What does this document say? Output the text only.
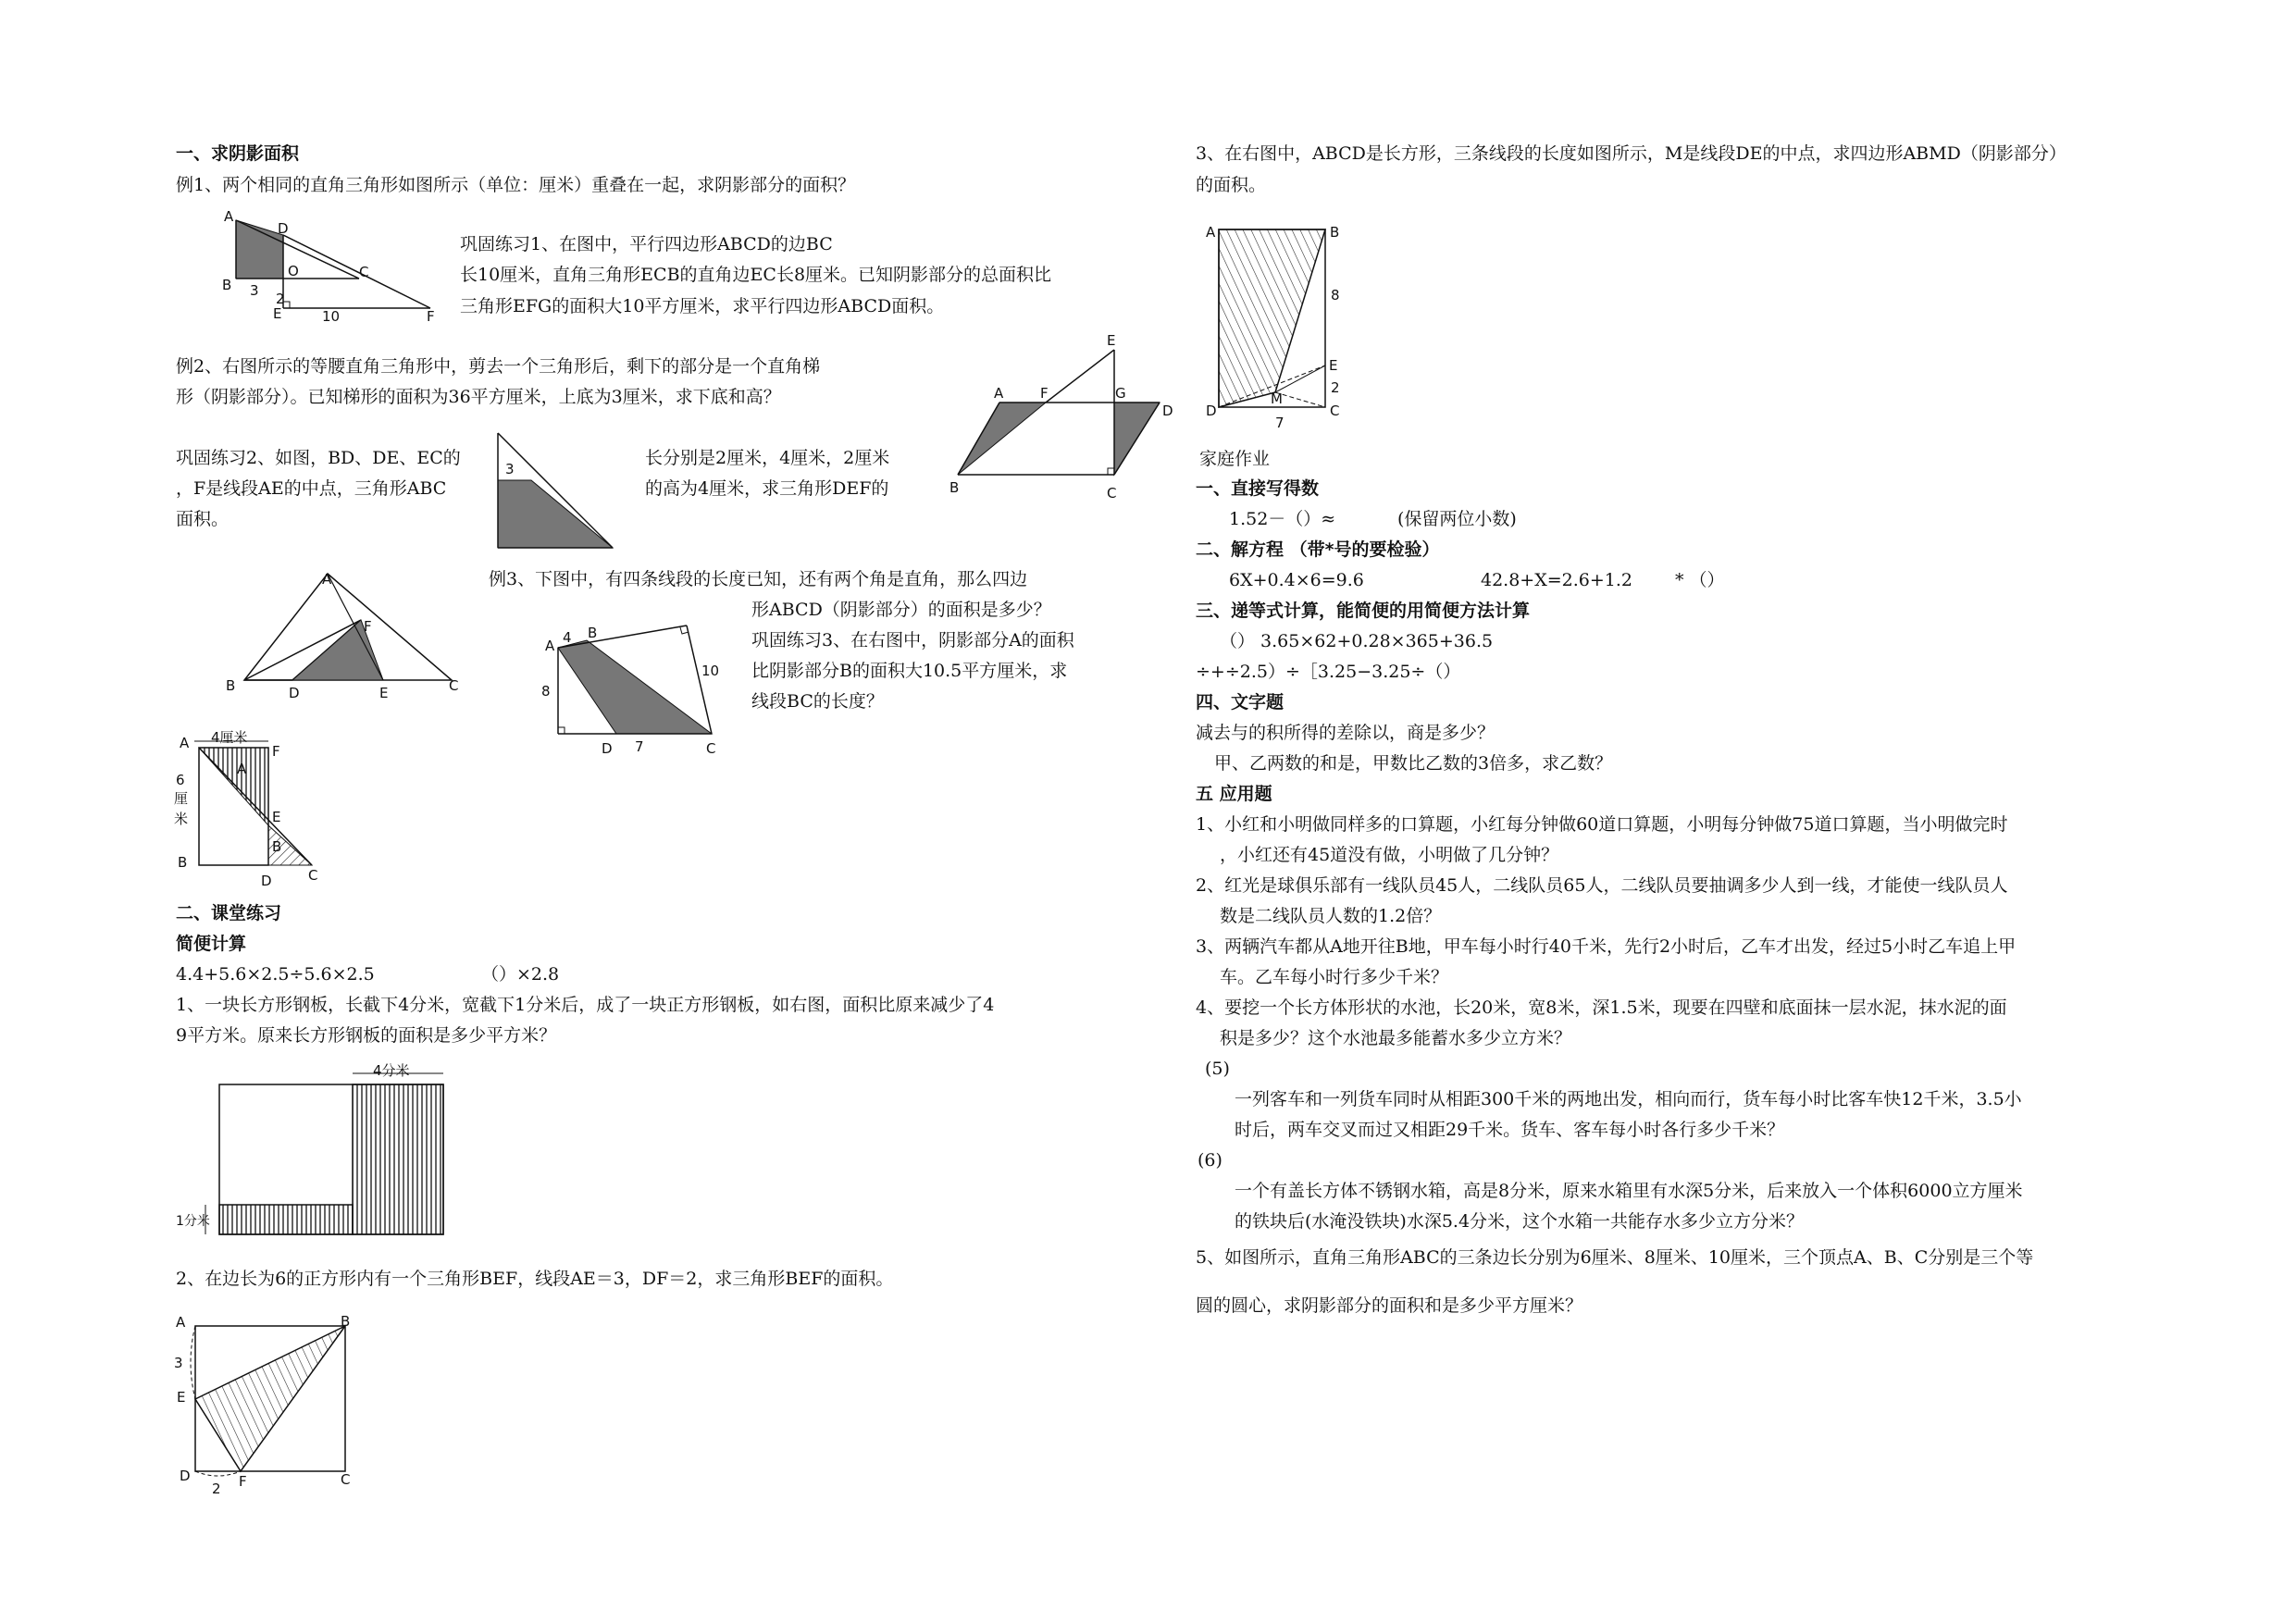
一、求阴影面积
例1、两个相同的直角三角形如图所示（单位：厘米）重叠在一起，求阴影部分的面积？
巩固练习1、在图中，平行四边形ABCD的边BC
长10厘米，直角三角形ECB的直角边EC长8厘米。已知阴影部分的总面积比
三角形EFG的面积大10平方厘米，求平行四边形ABCD面积。
例2、右图所示的等腰直角三角形中，剪去一个三角形后，剩下的部分是一个直角梯
形（阴影部分）。已知梯形的面积为36平方厘米，上底为3厘米，求下底和高？
巩固练习2、如图，BD、DE、EC的	长分别是2厘米，4厘米，2厘米
，F是线段AE的中点，三角形ABC	的高为4厘米，求三角形DEF的
面积。
例3、下图中，有四条线段的长度已知，还有两个角是直角，那么四边
形ABCD（阴影部分）的面积是多少？
巩固练习3、在右图中，阴影部分A的面积
比阴影部分B的面积大10.5平方厘米，求
线段BC的长度？
二、课堂练习
简便计算
4.4+5.6×2.5÷5.6×2.5	（）×2.8
1、一块长方形钢板，长截下4分米，宽截下1分米后，成了一块正方形钢板，如右图，面积比原来减少了4
9平方米。原来长方形钢板的面积是多少平方米？
2、在边长为6的正方形内有一个三角形BEF，线段AE＝3，DF＝2，求三角形BEF的面积。
3、在右图中，ABCD是长方形，三条线段的长度如图所示，M是线段DE的中点，求四边形ABMD（阴影部分）
的面积。
家庭作业
一、直接写得数
1.52－（）≈	(保留两位小数)
二、解方程 （带*号的要检验）
6X+0.4×6=9.6	42.8+X=2.6+1.2 * （）
三、递等式计算，能简便的用简便方法计算
（） 3.65×62+0.28×365+36.5
÷+÷2.5）÷［3.25−3.25÷（）
四、文字题
减去与的积所得的差除以，商是多少？
甲、乙两数的和是，甲数比乙数的3倍多，求乙数？
五 应用题
1、小红和小明做同样多的口算题，小红每分钟做60道口算题，小明每分钟做75道口算题，当小明做完时
，小红还有45道没有做，小明做了几分钟？
2、红光是球俱乐部有一线队员45人，二线队员65人，二线队员要抽调多少人到一线，才能使一线队员人
数是二线队员人数的1.2倍？
3、两辆汽车都从A地开往B地，甲车每小时行40千米，先行2小时后，乙车才出发，经过5小时乙车追上甲
车。乙车每小时行多少千米？
4、要挖一个长方体形状的水池，长20米，宽8米，深1.5米，现要在四壁和底面抹一层水泥，抹水泥的面
积是多少？这个水池最多能蓄水多少立方米？
(5)
一列客车和一列货车同时从相距300千米的两地出发，相向而行，货车每小时比客车快12千米，3.5小
时后，两车交叉而过又相距29千米。货车、客车每小时各行多少千米？
(6)
一个有盖长方体不锈钢水箱，高是8分米，原来水箱里有水深5分米，后来放入一个体积6000立方厘米
的铁块后(水淹没铁块)水深5.4分米，这个水箱一共能存水多少立方分米？
5、如图所示，直角三角形ABC的三条边长分别为6厘米、8厘米、10厘米，三个顶点A、B、C分别是三个等
圆的圆心，求阴影部分的面积和是多少平方厘米？
A
D
B 3
O	C
2
E	10	F
E
A	F	G
D
B	C
3
A
F
B	D	E	C
A 4 B
10
8
D 7	C
A 4厘米
F
6
厘
米
A
E
B
B
D	C
4分米
1分米
A	B
3
E
D
2 F	C
A	B
8
E
2
M
D
7
C
